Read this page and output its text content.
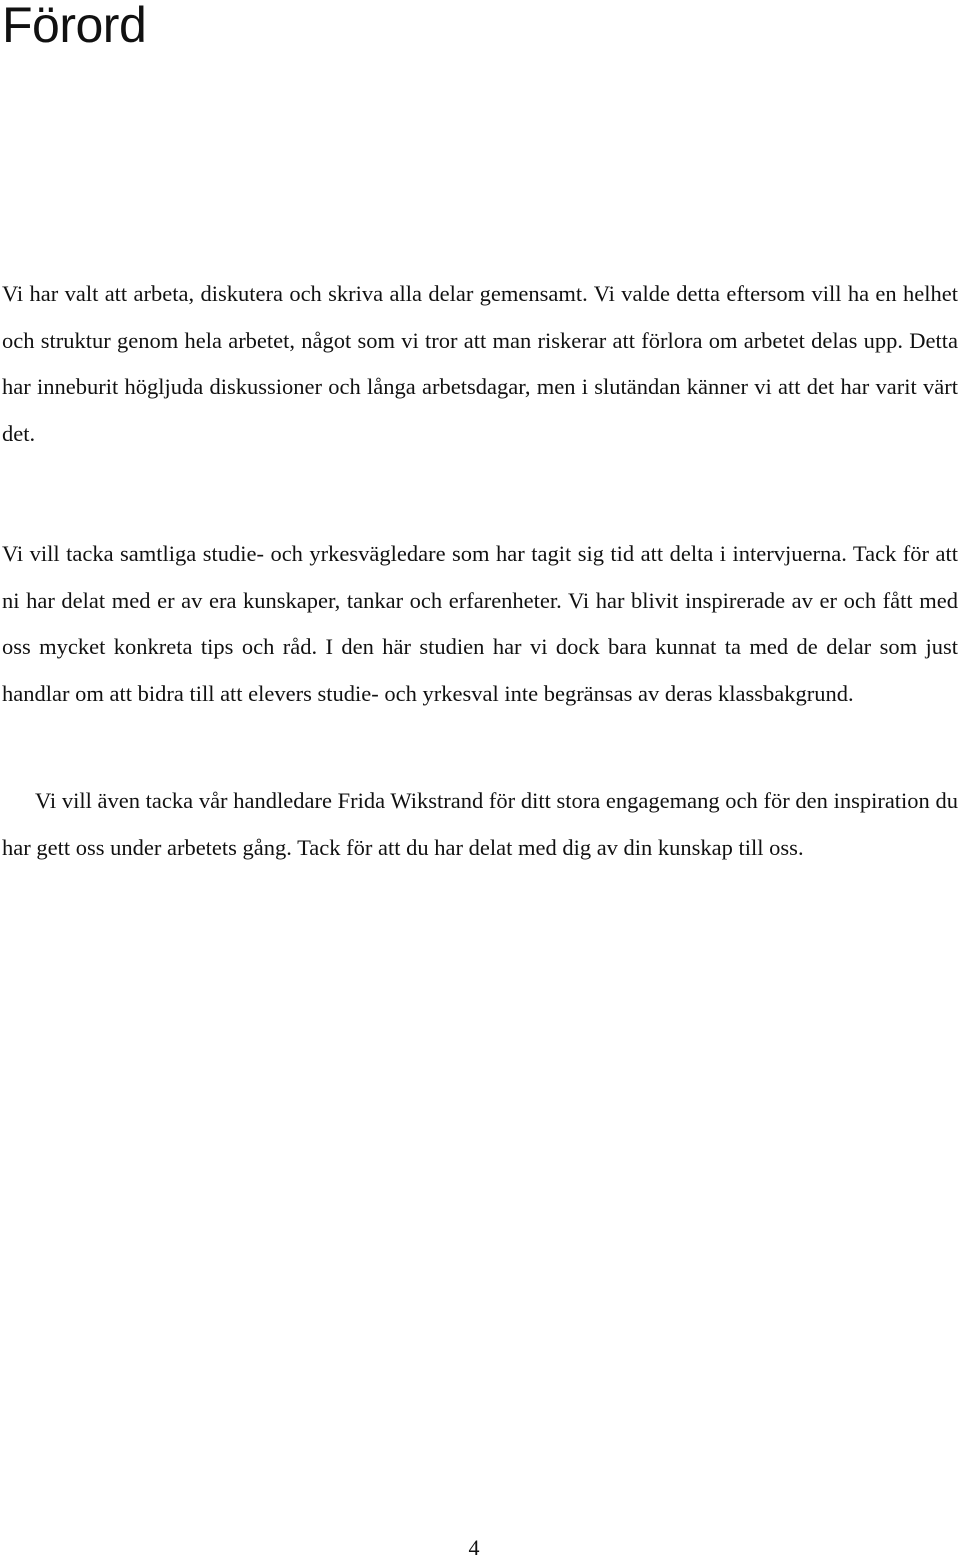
Förord

Vi har valt att arbeta, diskutera och skriva alla delar gemensamt. Vi valde detta eftersom vill ha en helhet och struktur genom hela arbetet, något som vi tror att man riskerar att förlora om arbetet delas upp. Detta har inneburit högljuda diskussioner och långa arbetsdagar, men i slutändan känner vi att det har varit värt det.

Vi vill tacka samtliga studie- och yrkesvägledare som har tagit sig tid att delta i intervjuerna. Tack för att ni har delat med er av era kunskaper, tankar och erfarenheter. Vi har blivit inspirerade av er och fått med oss mycket konkreta tips och råd. I den här studien har vi dock bara kunnat ta med de delar som just handlar om att bidra till att elevers studie- och yrkesval inte begränsas av deras klassbakgrund.

Vi vill även tacka vår handledare Frida Wikstrand för ditt stora engagemang och för den inspiration du har gett oss under arbetets gång. Tack för att du har delat med dig av din kunskap till oss.

4
